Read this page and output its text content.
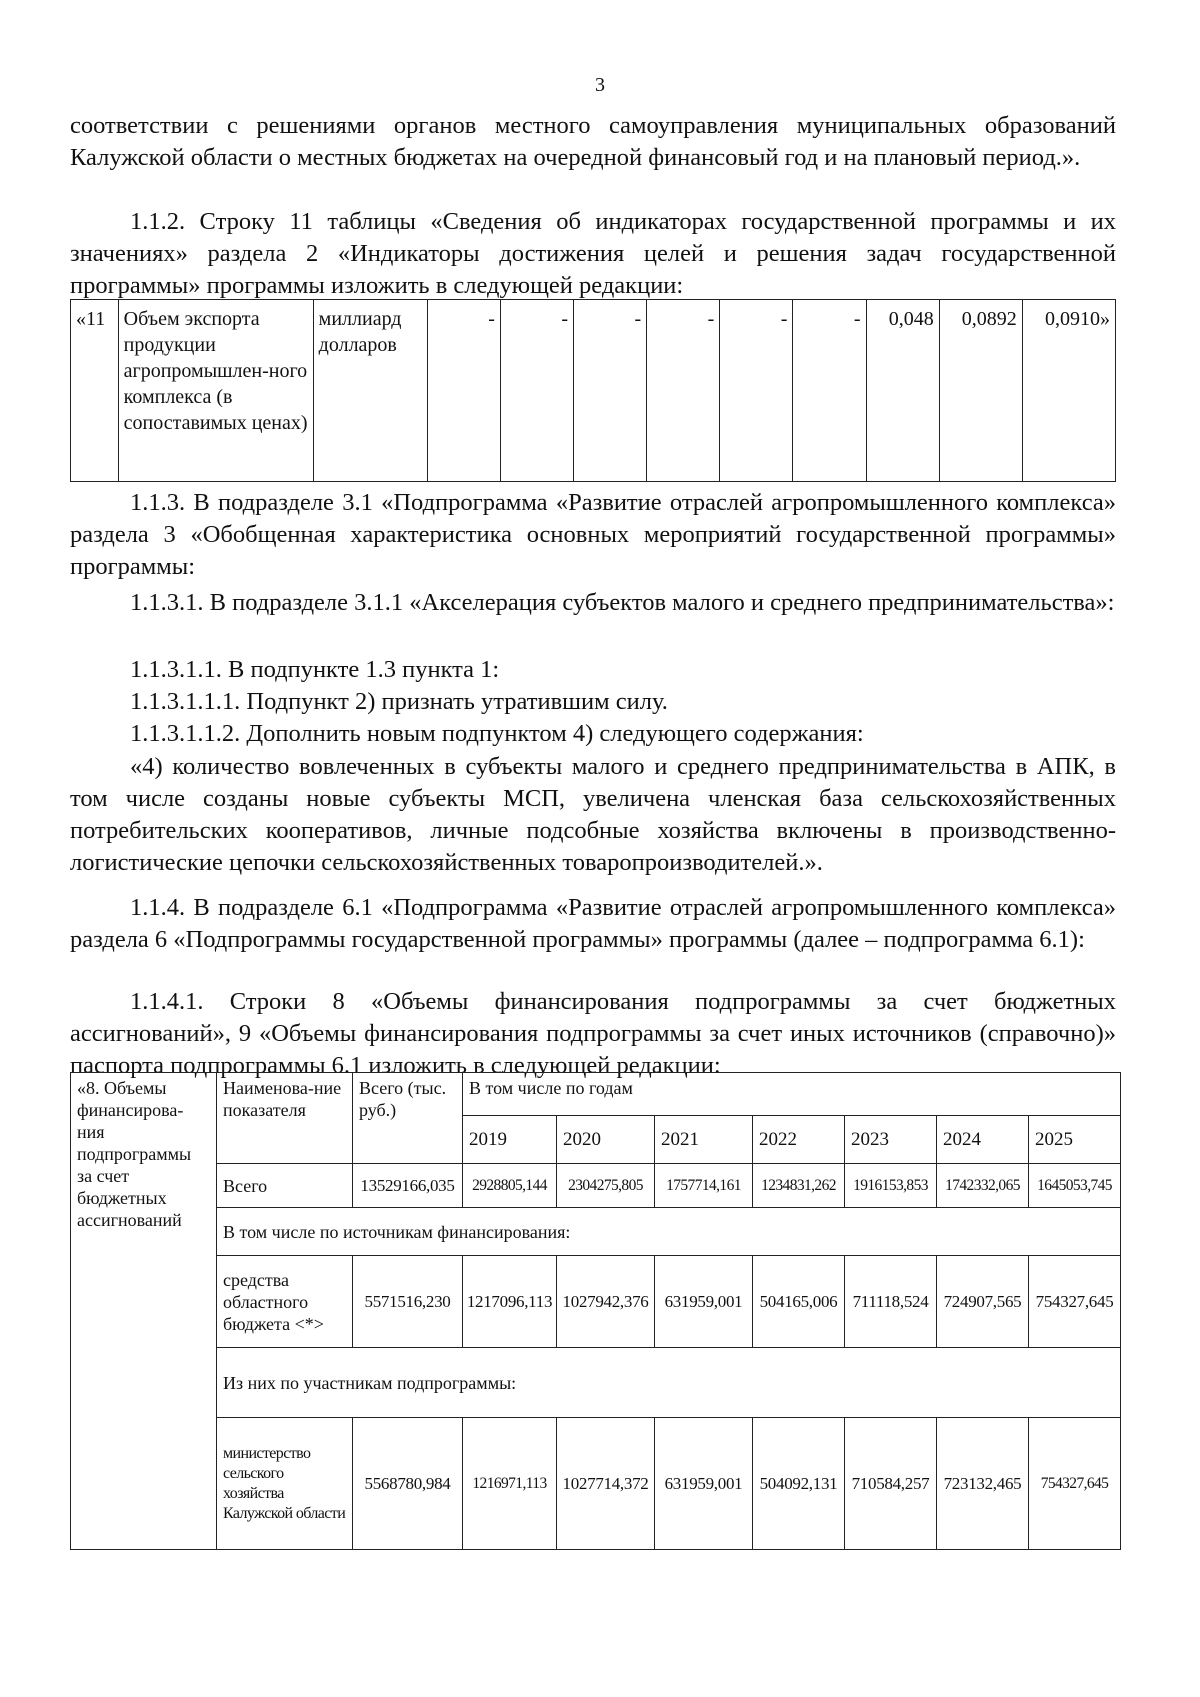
3

соответствии с решениями органов местного самоуправления муниципальных образований Калужской области о местных бюджетах на очередной финансовый год и на плановый период.».

1.1.2. Строку 11 таблицы «Сведения об индикаторах государственной программы и их значениях» раздела 2 «Индикаторы достижения целей и решения задач государственной программы» программы изложить в следующей редакции:

«11	Объем экспорта продукции агропромышлен-ного комплекса (в сопоставимых ценах)	миллиард долларов	-	-	-	-	-	-	0,048	0,0892	0,0910»

1.1.3. В подразделе 3.1 «Подпрограмма «Развитие отраслей агропромышленного комплекса» раздела 3 «Обобщенная характеристика основных мероприятий государственной программы» программы:

1.1.3.1. В подразделе 3.1.1 «Акселерация субъектов малого и среднего предпринимательства»:

1.1.3.1.1. В подпункте 1.3 пункта 1:

1.1.3.1.1.1. Подпункт 2) признать утратившим силу.

1.1.3.1.1.2. Дополнить новым подпунктом 4) следующего содержания:

«4) количество вовлеченных в субъекты малого и среднего предпринимательства в АПК, в том числе созданы новые субъекты МСП, увеличена членская база сельскохозяйственных потребительских кооперативов, личные подсобные хозяйства включены в производственно-логистические цепочки сельскохозяйственных товаропроизводителей.».

1.1.4. В подразделе 6.1 «Подпрограмма «Развитие отраслей агропромышленного комплекса» раздела 6 «Подпрограммы государственной программы» программы (далее – подпрограмма 6.1):

1.1.4.1. Строки 8 «Объемы финансирования подпрограммы за счет бюджетных ассигнований», 9 «Объемы финансирования подпрограммы за счет иных источников (справочно)» паспорта подпрограммы 6.1 изложить в следующей редакции:

«8. Объемы финансирова-ния подпрограммы за счет бюджетных ассигнований	Наименова-ние показателя	Всего (тыс. руб.)	В том числе по годам						
			2019	2020	2021	2022	2023	2024	2025
	Всего	13529166,035	2928805,144	2304275,805	1757714,161	1234831,262	1916153,853	1742332,065	1645053,745
	В том числе по источникам финансирования:								
	средства областного бюджета <*>	5571516,230	1217096,113	1027942,376	631959,001	504165,006	711118,524	724907,565	754327,645
	Из них по участникам подпрограммы:								
	министерство сельского хозяйства Калужской области	5568780,984	1216971,113	1027714,372	631959,001	504092,131	710584,257	723132,465	754327,645
